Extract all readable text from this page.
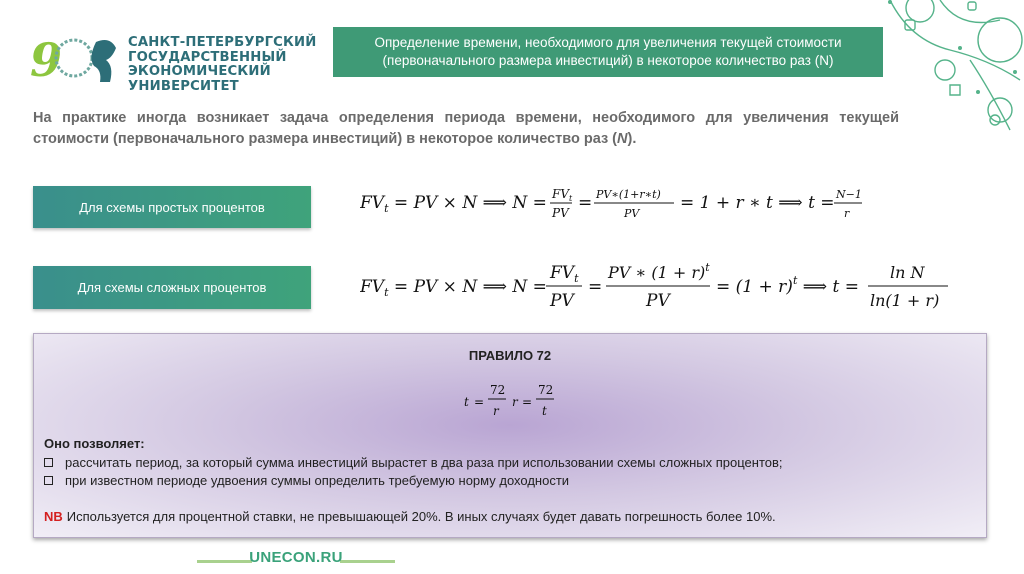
9	САНКТ-ПЕТЕРБУРГСКИЙ
ГОСУДАРСТВЕННЫЙ
ЭКОНОМИЧЕСКИЙ УНИВЕРСИТЕТ
Определение времени, необходимого для увеличения текущей стоимости
(первоначального размера инвестиций) в некоторое количество раз (N)
На практике иногда возникает задача определения периода времени, необходимого для увеличения текущей стоимости (первоначального размера инвестиций) в некоторое количество раз (N).
Для схемы простых процентов
Для схемы сложных процентов
$FV_t$ = PV × N ⟹ $N = FV_t$
PV = PV∗(1+r∗t)
PV
= 1 + r ∗ t ⟹ t = N−1
r
$FV_t$ = PV × N ⟹ N =
$FV_t$
PV
=
PV ∗ $(1 + r)^t$
PV
= $(1 + r)^t$ ⟹ t =
ln N
ln(1 + r)
ПРАВИЛО 72
t =
72
r
r =
72
t
Оно позволяет:
рассчитать период, за который сумма инвестиций вырастет в два раза при использовании схемы сложных процентов;
при известном периоде удвоения суммы определить требуемую норму доходности
NB Используется для процентной ставки, не превышающей 20%. В иных случаях будет давать погрешность более 10%.
UNECON.RU
